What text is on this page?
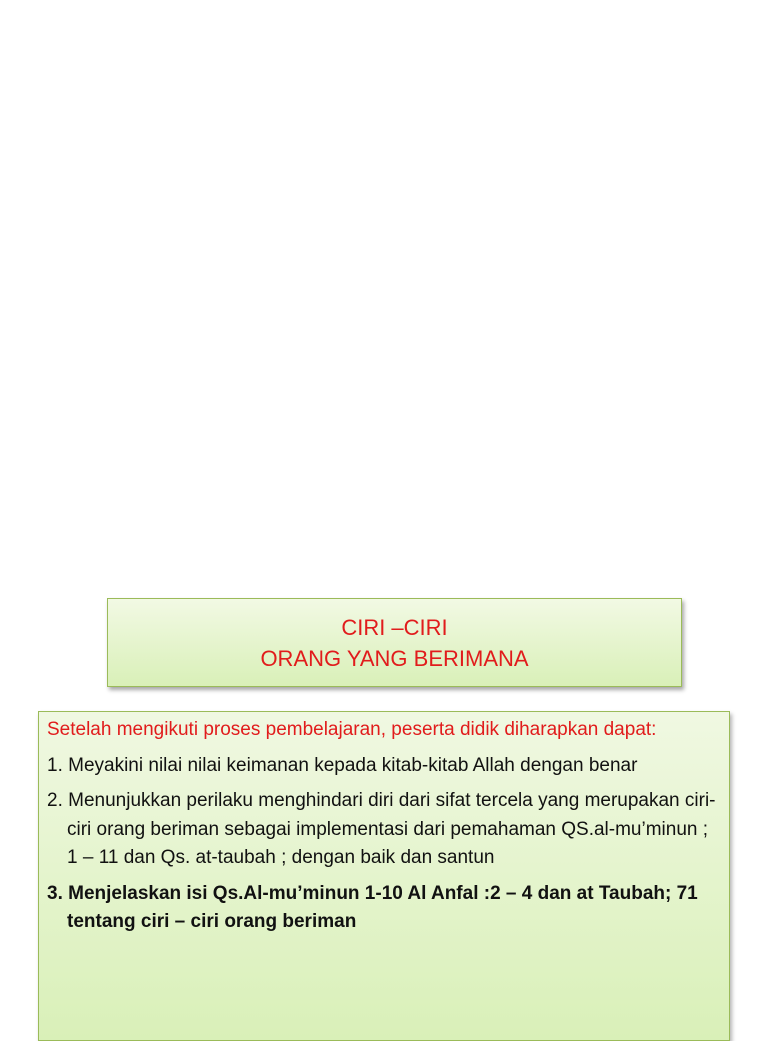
CIRI –CIRI
ORANG YANG BERIMANA
Setelah mengikuti proses pembelajaran, peserta didik diharapkan dapat:
1. Meyakini nilai nilai keimanan kepada kitab-kitab Allah dengan benar
2. Menunjukkan perilaku menghindari diri dari sifat tercela yang merupakan ciri-ciri orang beriman sebagai implementasi dari pemahaman QS.al-mu’minun ; 1 – 11 dan Qs. at-taubah ; dengan baik dan santun
3. Menjelaskan isi Qs.Al-mu’minun 1-10 Al Anfal :2 – 4 dan at Taubah; 71 tentang ciri – ciri orang beriman
